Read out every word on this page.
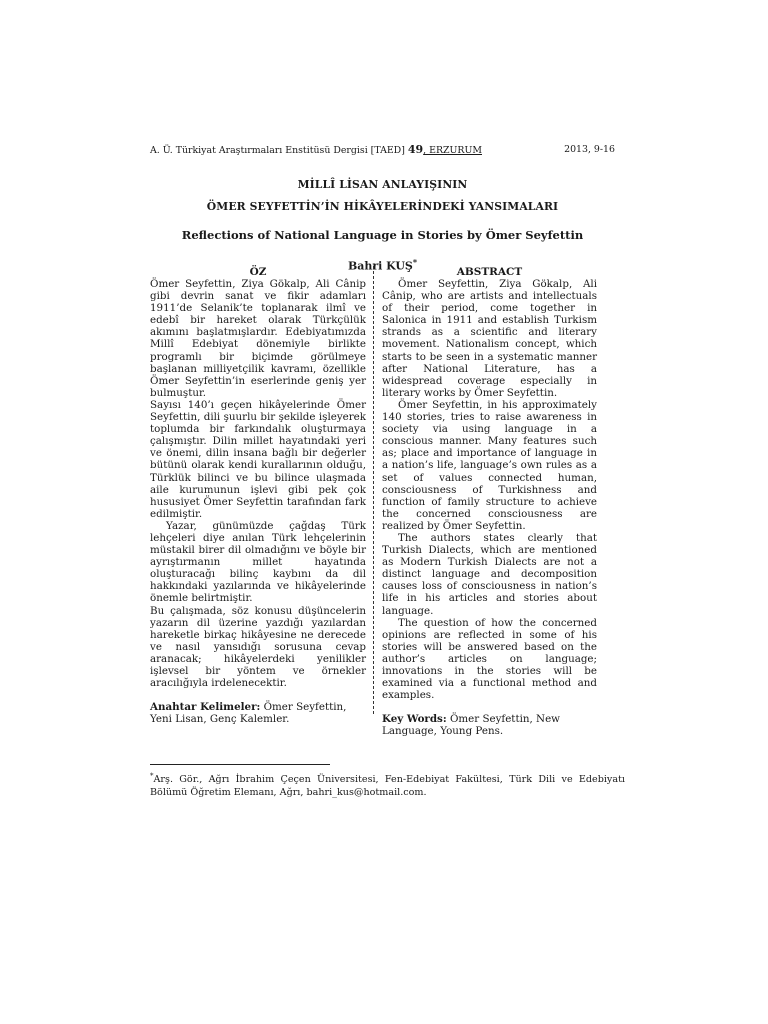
A. Ü. Türkiyat Araştırmaları Enstitüsü Dergisi [TAED] 49, ERZURUM	2013, 9-16
MİLLÎ LİSAN ANLAYIŞININ
ÖMER SEYFETTİN’İN HİKÂYELERİNDEKİ YANSIMALARI
Reflections of National Language in Stories by Ömer Seyfettin
Bahri KUŞ*
ÖZ

Ömer Seyfettin, Ziya Gökalp, Ali Cânip gibi devrin sanat ve fikir adamları 1911’de Selanik’te toplanarak ilmî ve edebî bir hareket olarak Türkçülük akımını başlatmışlardır. Edebiyatımızda Millî Edebiyat dönemiyle birlikte programlı bir biçimde görülmeye başlanan milliyetçilik kavramı, özellikle Ömer Seyfettin’in eserlerinde geniş yer bulmuştur.

Sayısı 140’ı geçen hikâyelerinde Ömer Seyfettin, dili şuurlu bir şekilde işleyerek toplumda bir farkındalık oluşturmaya çalışmıştır. Dilin millet hayatındaki yeri ve önemi, dilin insana bağlı bir değerler bütünü olarak kendi kurallarının olduğu, Türklük bilinci ve bu bilince ulaşmada aile kurumunun işlevi gibi pek çok hususiyet Ömer Seyfettin tarafından fark edilmiştir.

Yazar, günümüzde çağdaş Türk lehçeleri diye anılan Türk lehçelerinin müstakil birer dil olmadığını ve böyle bir ayrıştırmanın millet hayatında oluşturacağı bilinç kaybını da dil hakkındaki yazılarında ve hikâyelerinde önemle belirtmiştir.

Bu çalışmada, söz konusu düşüncelerin yazarın dil üzerine yazdığı yazılardan hareketle birkaç hikâyesine ne derecede ve nasıl yansıdığı sorusuna cevap aranacak; hikâyelerdeki yenilikler işlevsel bir yöntem ve örnekler aracılığıyla irdelenecektir.

Anahtar Kelimeler: Ömer Seyfettin, Yeni Lisan, Genç Kalemler.

ABSTRACT

Ömer Seyfettin, Ziya Gökalp, Ali Cânip, who are artists and intellectuals of their period, come together in Salonica in 1911 and establish Turkism strands as a scientific and literary movement. Nationalism concept, which starts to be seen in a systematic manner after National Literature, has a widespread coverage especially in literary works by Ömer Seyfettin.

Ömer Seyfettin, in his approximately 140 stories, tries to raise awareness in society via using language in a conscious manner. Many features such as; place and importance of language in a nation’s life, language’s own rules as a set of values connected human, consciousness of Turkishness and function of family structure to achieve the concerned consciousness are realized by Ömer Seyfettin.

The authors states clearly that Turkish Dialects, which are mentioned as Modern Turkish Dialects are not a distinct language and decomposition causes loss of consciousness in nation’s life in his articles and stories about language.

The question of how the concerned opinions are reflected in some of his stories will be answered based on the author’s articles on language; innovations in the stories will be examined via a functional method and examples.

Key Words: Ömer Seyfettin, New Language, Young Pens.

*Arş. Gör., Ağrı İbrahim Çeçen Üniversitesi, Fen-Edebiyat Fakültesi, Türk Dili ve Edebiyatı Bölümü Öğretim Elemanı, Ağrı, bahri_kus@hotmail.com.
